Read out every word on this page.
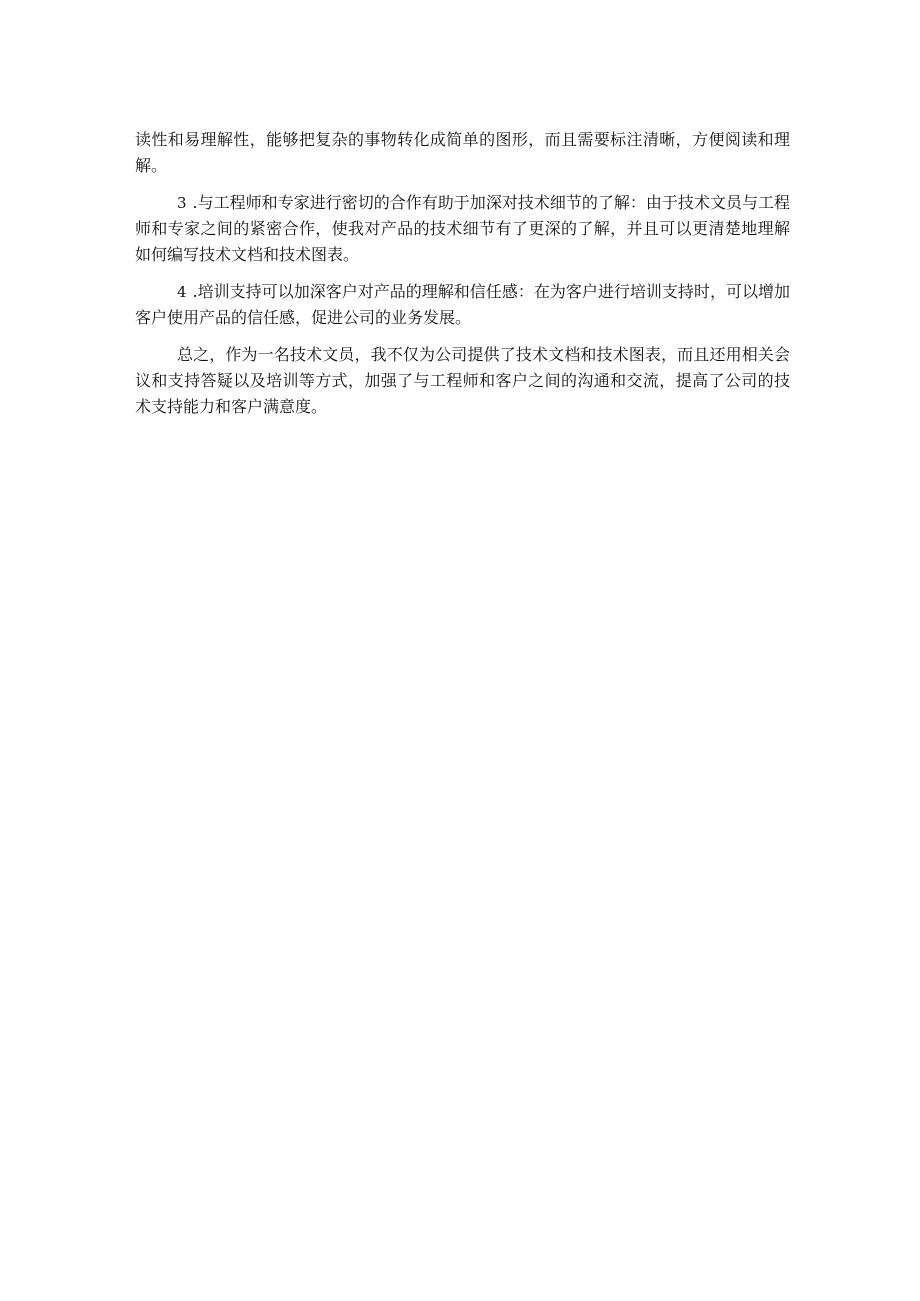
读性和易理解性，能够把复杂的事物转化成简单的图形，而且需要标注清晰，方便阅读和理解。

3 .与工程师和专家进行密切的合作有助于加深对技术细节的了解：由于技术文员与工程师和专家之间的紧密合作，使我对产品的技术细节有了更深的了解，并且可以更清楚地理解如何编写技术文档和技术图表。

4 .培训支持可以加深客户对产品的理解和信任感：在为客户进行培训支持时，可以增加客户使用产品的信任感，促进公司的业务发展。

总之，作为一名技术文员，我不仅为公司提供了技术文档和技术图表，而且还用相关会议和支持答疑以及培训等方式，加强了与工程师和客户之间的沟通和交流，提高了公司的技术支持能力和客户满意度。
